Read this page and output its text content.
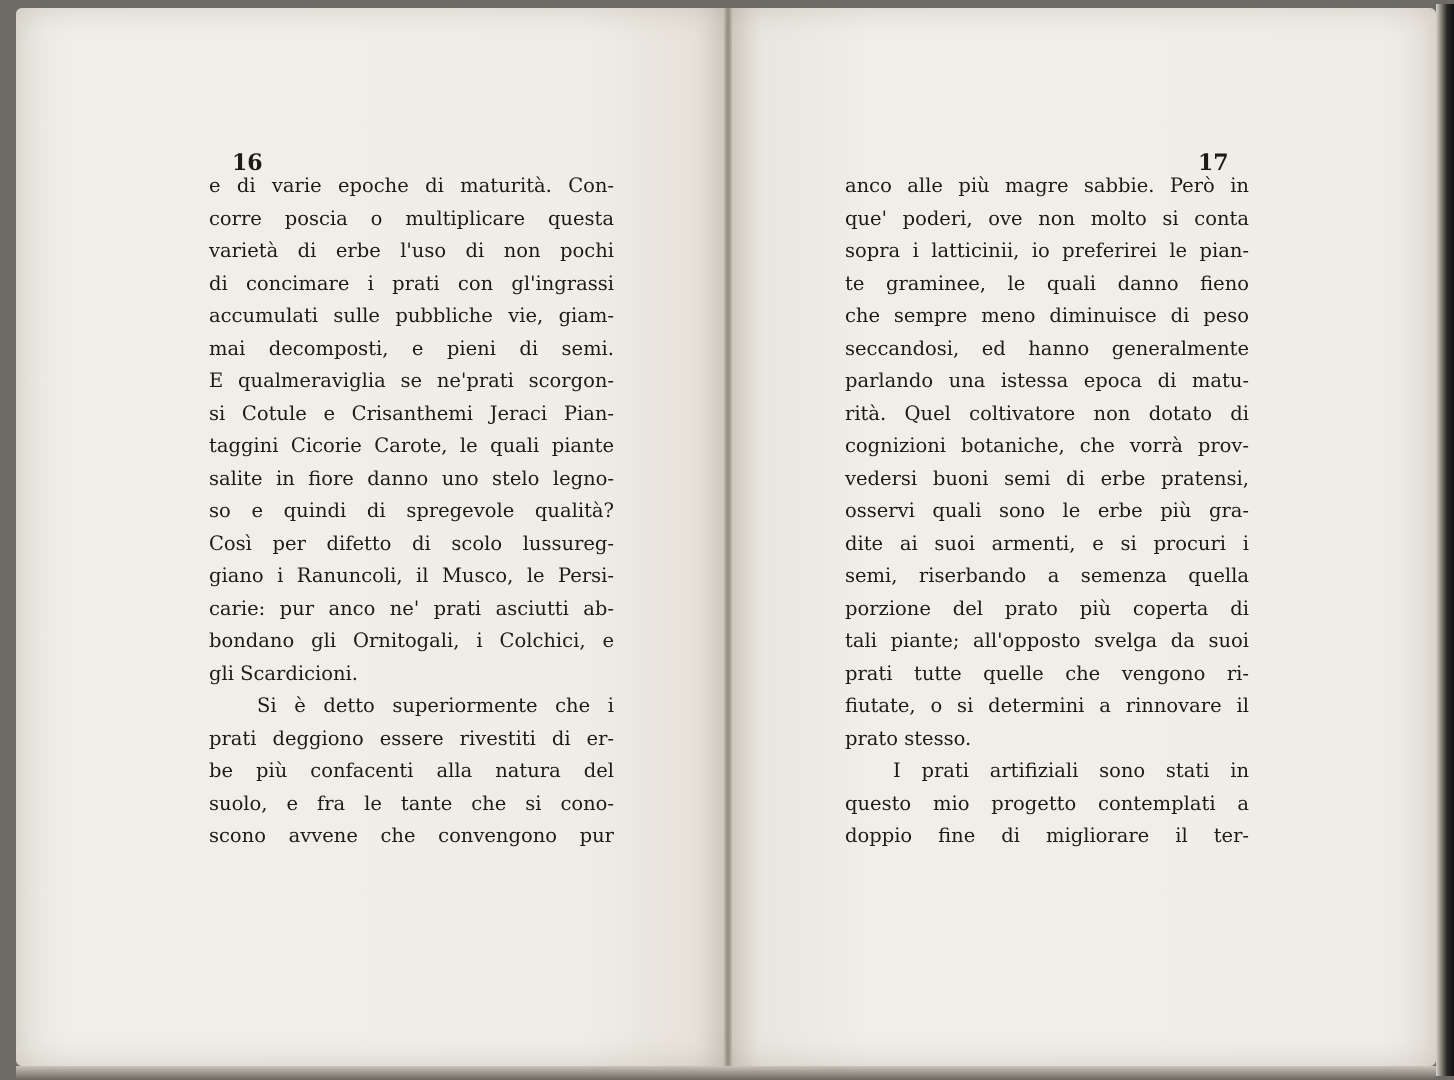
16
e di varie epoche di maturità. Con-
corre poscia o multiplicare questa
varietà di erbe l'uso di non pochi
di concimare i prati con gl'ingrassi
accumulati sulle pubbliche vie, giam-
mai decomposti, e pieni di semi.
E qualmeraviglia se ne'prati scorgon-
si Cotule e Crisanthemi Jeraci Pian-
taggini Cicorie Carote, le quali piante
salite in fiore danno uno stelo legno-
so e quindi di spregevole qualità?
Così per difetto di scolo lussureg-
giano i Ranuncoli, il Musco, le Persi-
carie: pur anco ne' prati asciutti ab-
bondano gli Ornitogali, i Colchici, e
gli Scardicioni.
Si è detto superiormente che i
prati deggiono essere rivestiti di er-
be più confacenti alla natura del
suolo, e fra le tante che si cono-
scono avvene che convengono pur
17
anco alle più magre sabbie. Però in
que' poderi, ove non molto si conta
sopra i latticinii, io preferirei le pian-
te graminee, le quali danno fieno
che sempre meno diminuisce di peso
seccandosi, ed hanno generalmente
parlando una istessa epoca di matu-
rità. Quel coltivatore non dotato di
cognizioni botaniche, che vorrà prov-
vedersi buoni semi di erbe pratensi,
osservi quali sono le erbe più gra-
dite ai suoi armenti, e si procuri i
semi, riserbando a semenza quella
porzione del prato più coperta di
tali piante; all'opposto svelga da suoi
prati tutte quelle che vengono ri-
fiutate, o si determini a rinnovare il
prato stesso.
I prati artifiziali sono stati in
questo mio progetto contemplati a
doppio fine di migliorare il ter-
